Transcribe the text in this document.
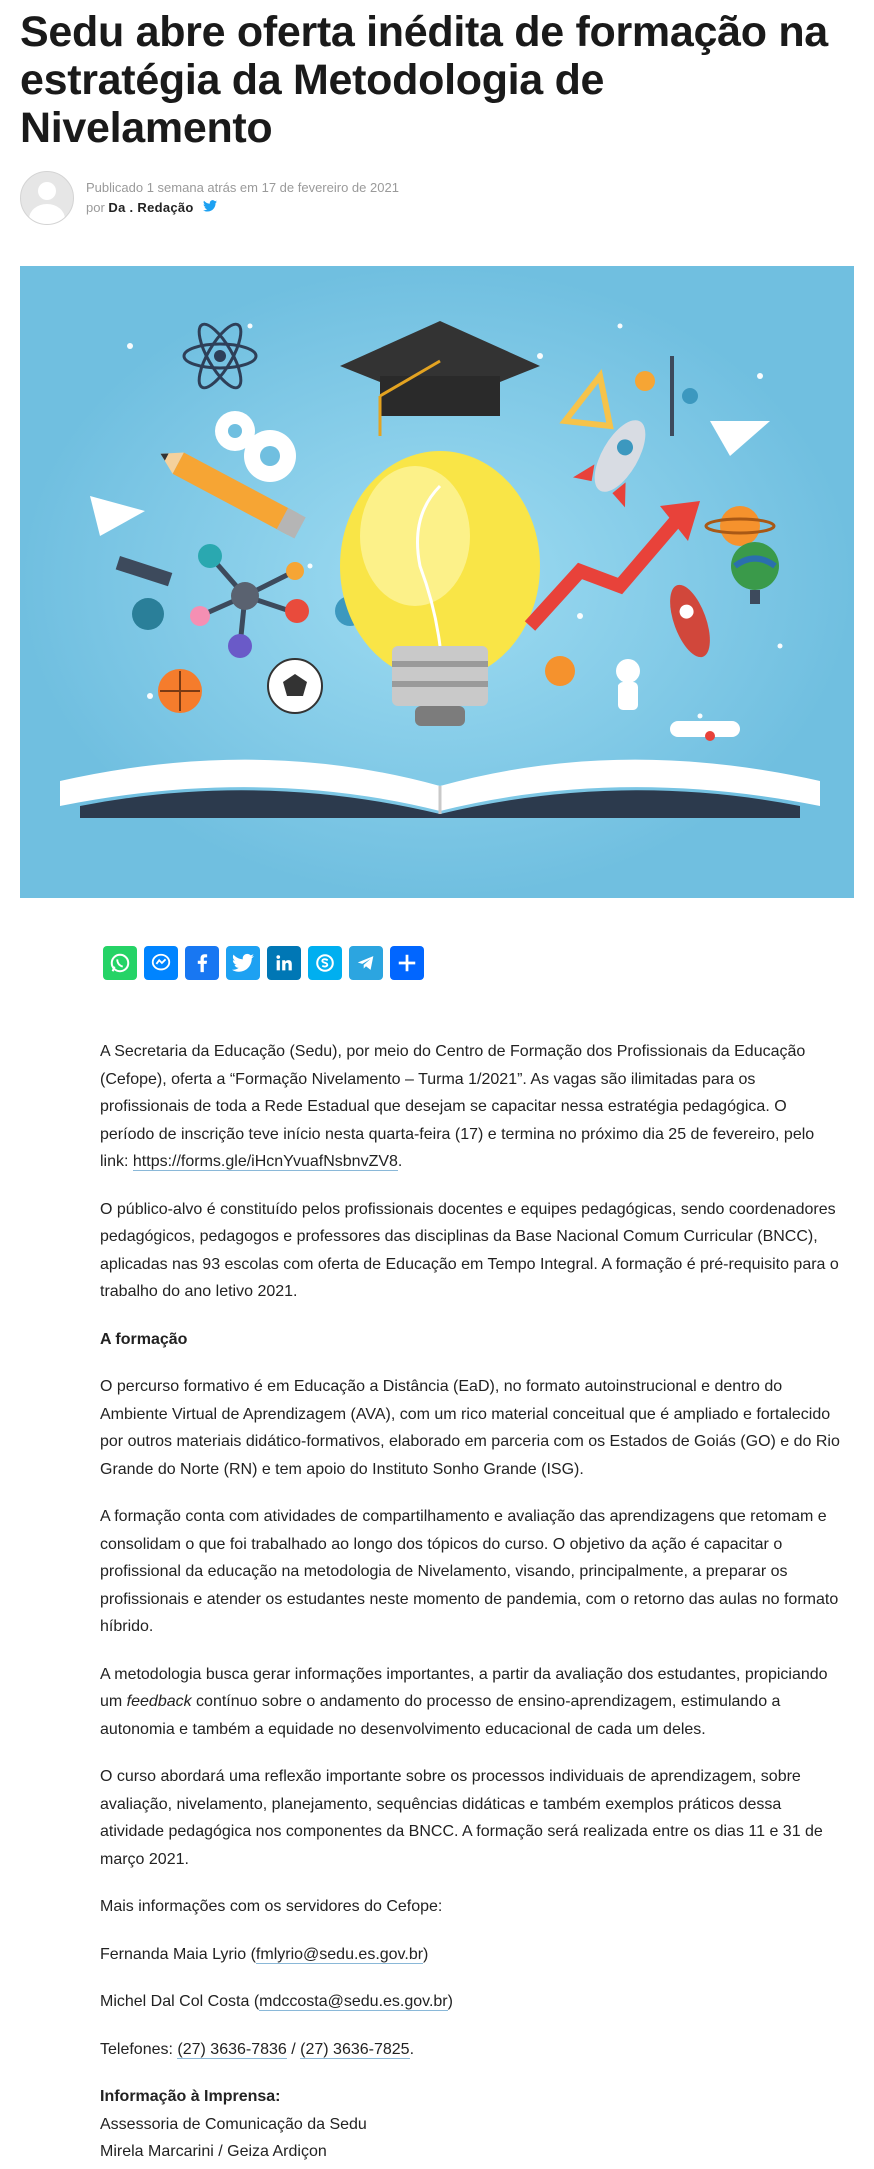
Sedu abre oferta inédita de formação na estratégia da Metodologia de Nivelamento
Publicado 1 semana atrás em 17 de fevereiro de 2021
por Da . Redação

A Secretaria da Educação (Sedu), por meio do Centro de Formação dos Profissionais da Educação (Cefope), oferta a “Formação Nivelamento – Turma 1/2021”. As vagas são ilimitadas para os profissionais de toda a Rede Estadual que desejam se capacitar nessa estratégia pedagógica. O período de inscrição teve início nesta quarta-feira (17) e termina no próximo dia 25 de fevereiro, pelo link: https://forms.gle/iHcnYvuafNsbnvZV8.

O público-alvo é constituído pelos profissionais docentes e equipes pedagógicas, sendo coordenadores pedagógicos, pedagogos e professores das disciplinas da Base Nacional Comum Curricular (BNCC), aplicadas nas 93 escolas com oferta de Educação em Tempo Integral. A formação é pré-requisito para o trabalho do ano letivo 2021.

A formação

O percurso formativo é em Educação a Distância (EaD), no formato autoinstrucional e dentro do Ambiente Virtual de Aprendizagem (AVA), com um rico material conceitual que é ampliado e fortalecido por outros materiais didático-formativos, elaborado em parceria com os Estados de Goiás (GO) e do Rio Grande do Norte (RN) e tem apoio do Instituto Sonho Grande (ISG).

A formação conta com atividades de compartilhamento e avaliação das aprendizagens que retomam e consolidam o que foi trabalhado ao longo dos tópicos do curso. O objetivo da ação é capacitar o profissional da educação na metodologia de Nivelamento, visando, principalmente, a preparar os profissionais e atender os estudantes neste momento de pandemia, com o retorno das aulas no formato híbrido.

A metodologia busca gerar informações importantes, a partir da avaliação dos estudantes, propiciando um feedback contínuo sobre o andamento do processo de ensino-aprendizagem, estimulando a autonomia e também a equidade no desenvolvimento educacional de cada um deles.

O curso abordará uma reflexão importante sobre os processos individuais de aprendizagem, sobre avaliação, nivelamento, planejamento, sequências didáticas e também exemplos práticos dessa atividade pedagógica nos componentes da BNCC. A formação será realizada entre os dias 11 e 31 de março 2021.

Mais informações com os servidores do Cefope:

Fernanda Maia Lyrio (fmlyrio@sedu.es.gov.br)

Michel Dal Col Costa (mdccosta@sedu.es.gov.br)

Telefones: (27) 3636-7836 / (27) 3636-7825.

Informação à Imprensa:
Assessoria de Comunicação da Sedu
Mirela Marcarini / Geiza Ardiçon
